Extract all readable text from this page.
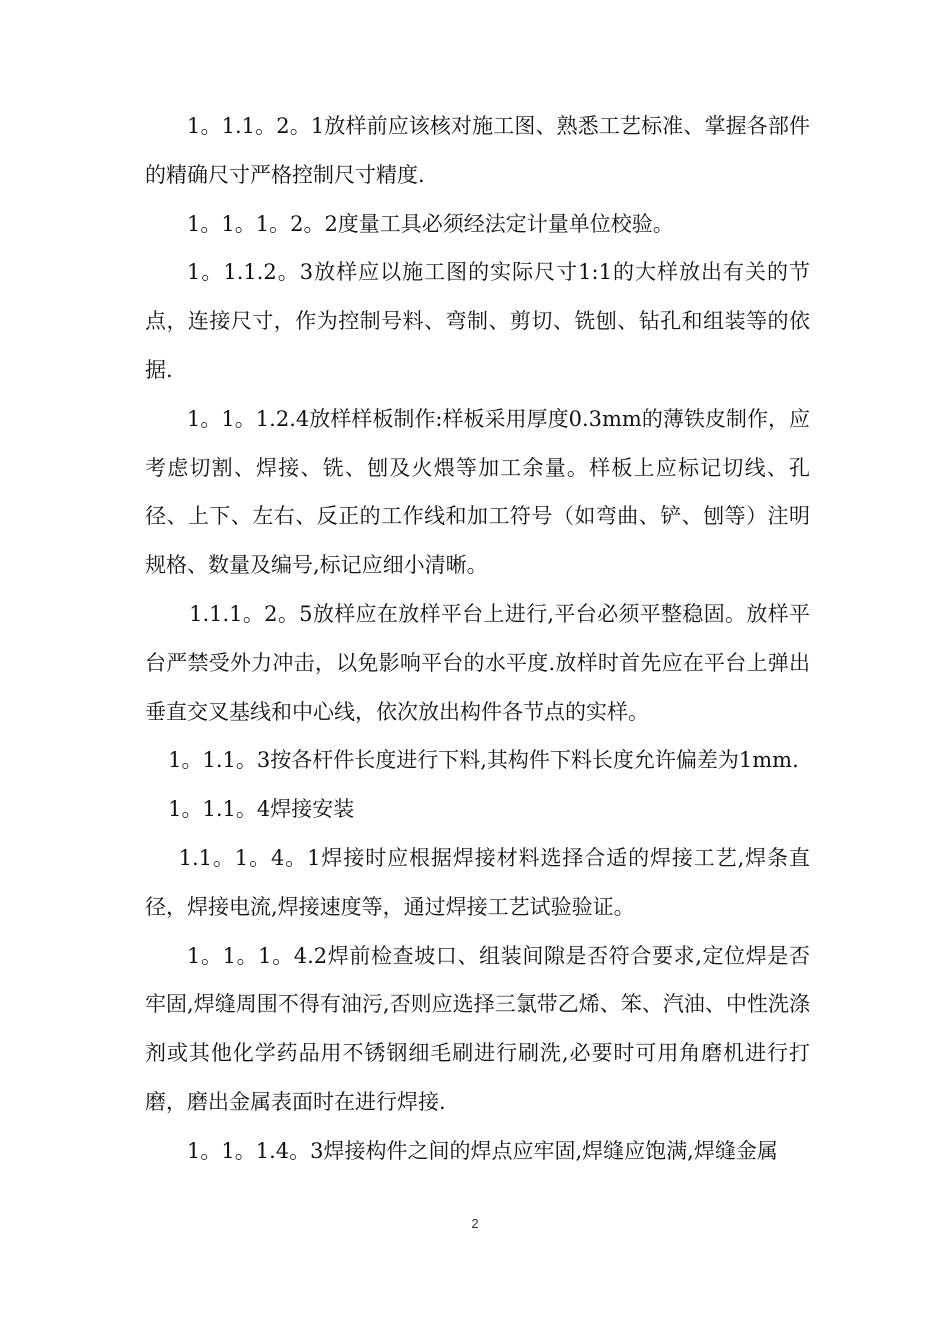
1。1.1。2。1放样前应该核对施工图、熟悉工艺标准、掌握各部件的精确尺寸严格控制尺寸精度.

1。1。1。2。2度量工具必须经法定计量单位校验。

1。1.1.2。3放样应以施工图的实际尺寸1:1的大样放出有关的节点，连接尺寸，作为控制号料、弯制、剪切、铣刨、钻孔和组装等的依据.

1。1。1.2.4放样样板制作:样板采用厚度0.3mm的薄铁皮制作，应考虑切割、焊接、铣、刨及火煨等加工余量。样板上应标记切线、孔径、上下、左右、反正的工作线和加工符号（如弯曲、铲、刨等）注明规格、数量及编号,标记应细小清晰。

1.1.1。2。5放样应在放样平台上进行,平台必须平整稳固。放样平台严禁受外力冲击，以免影响平台的水平度.放样时首先应在平台上弹出垂直交叉基线和中心线，依次放出构件各节点的实样。

1。1.1。3按各杆件长度进行下料,其构件下料长度允许偏差为1mm.

1。1.1。4焊接安装

1.1。1。4。1焊接时应根据焊接材料选择合适的焊接工艺,焊条直径，焊接电流,焊接速度等，通过焊接工艺试验验证。

1。1。1。4.2焊前检查坡口、组装间隙是否符合要求,定位焊是否牢固,焊缝周围不得有油污,否则应选择三氯带乙烯、笨、汽油、中性洗涤剂或其他化学药品用不锈钢细毛刷进行刷洗,必要时可用角磨机进行打磨，磨出金属表面时在进行焊接.

1。1。1.4。3焊接构件之间的焊点应牢固,焊缝应饱满,焊缝金属

2
